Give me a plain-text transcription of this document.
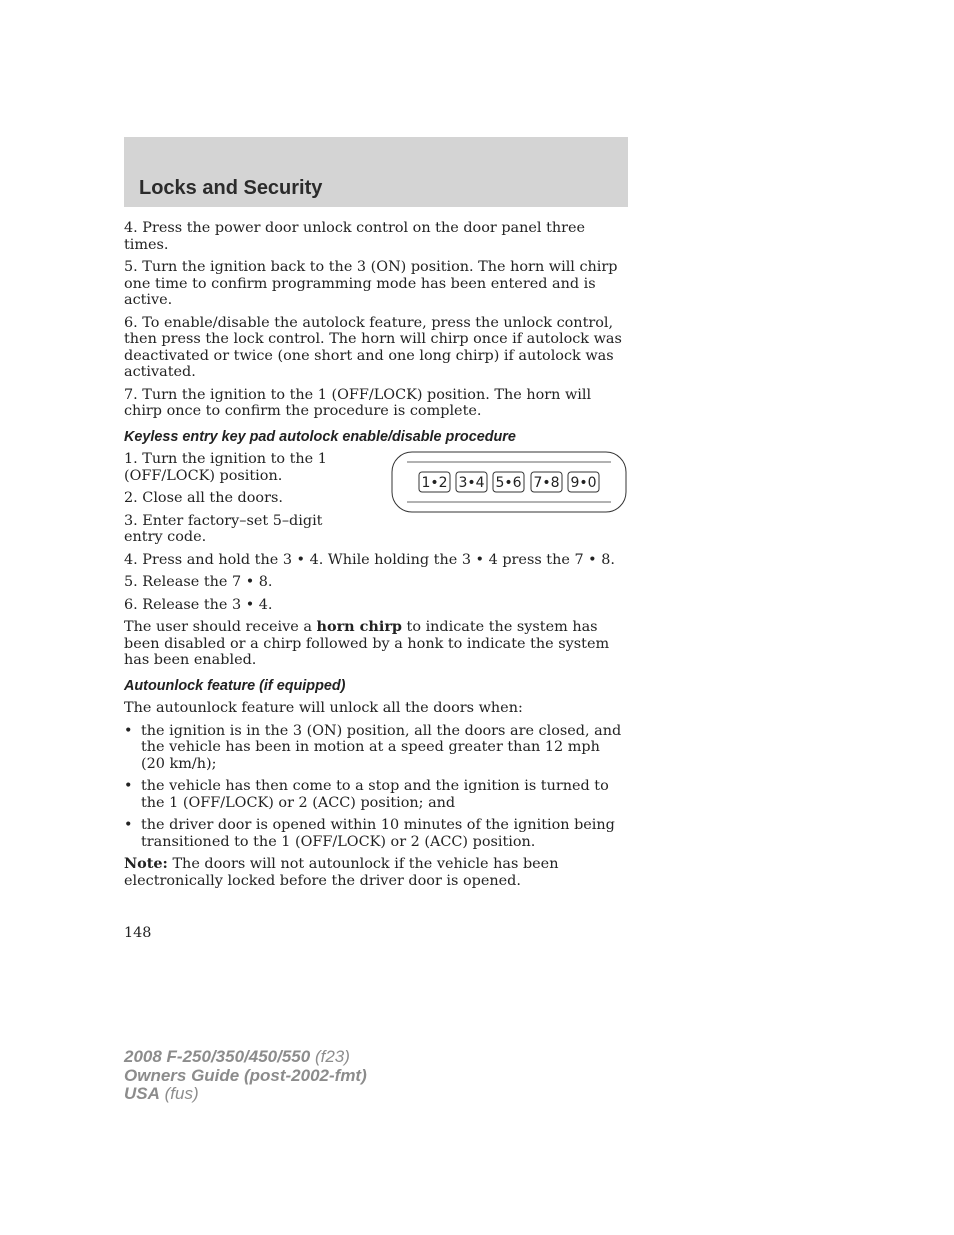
Locks and Security

4. Press the power door unlock control on the door panel three times.

5. Turn the ignition back to the 3 (ON) position. The horn will chirp one time to confirm programming mode has been entered and is active.

6. To enable/disable the autolock feature, press the unlock control, then press the lock control. The horn will chirp once if autolock was deactivated or twice (one short and one long chirp) if autolock was activated.

7. Turn the ignition to the 1 (OFF/LOCK) position. The horn will chirp once to confirm the procedure is complete.

Keyless entry key pad autolock enable/disable procedure

1. Turn the ignition to the 1 (OFF/LOCK) position.

2. Close all the doors.

3. Enter factory–set 5–digit entry code.

1•2 3•4 5•6 7•8 9•0

4. Press and hold the 3 • 4. While holding the 3 • 4 press the 7 • 8.

5. Release the 7 • 8.

6. Release the 3 • 4.

The user should receive a horn chirp to indicate the system has been disabled or a chirp followed by a honk to indicate the system has been enabled.

Autounlock feature (if equipped)

The autounlock feature will unlock all the doors when:

• the ignition is in the 3 (ON) position, all the doors are closed, and the vehicle has been in motion at a speed greater than 12 mph (20 km/h);
• the vehicle has then come to a stop and the ignition is turned to the 1 (OFF/LOCK) or 2 (ACC) position; and
• the driver door is opened within 10 minutes of the ignition being transitioned to the 1 (OFF/LOCK) or 2 (ACC) position.

Note: The doors will not autounlock if the vehicle has been electronically locked before the driver door is opened.

148
2008 F-250/350/450/550 (f23)
Owners Guide (post-2002-fmt)
USA (fus)
